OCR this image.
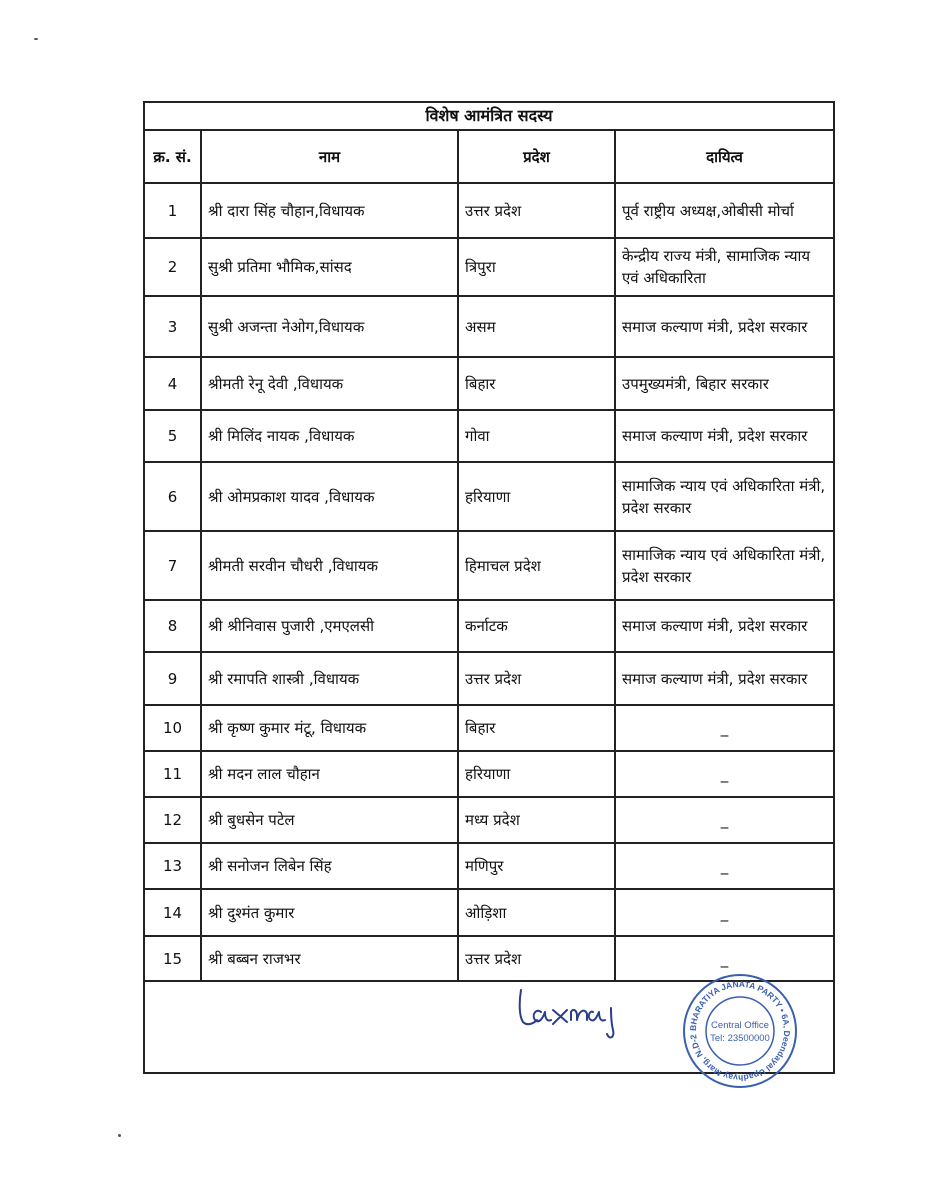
विशेष आमंत्रित सदस्य			
क्र. सं.	नाम	प्रदेश	दायित्व
1	श्री दारा सिंह चौहान,विधायक	उत्तर प्रदेश	पूर्व राष्ट्रीय अध्यक्ष,ओबीसी मोर्चा
2	सुश्री प्रतिमा भौमिक,सांसद	त्रिपुरा	केन्द्रीय राज्य मंत्री, सामाजिक न्याय एवं अधिकारिता
3	सुश्री अजन्ता नेओग,विधायक	असम	समाज कल्याण मंत्री, प्रदेश सरकार
4	श्रीमती रेनू देवी ,विधायक	बिहार	उपमुख्यमंत्री, बिहार सरकार
5	श्री मिलिंद नायक ,विधायक	गोवा	समाज कल्याण मंत्री, प्रदेश सरकार
6	श्री ओमप्रकाश यादव ,विधायक	हरियाणा	सामाजिक न्याय एवं अधिकारिता मंत्री, प्रदेश सरकार
7	श्रीमती सरवीन चौधरी ,विधायक	हिमाचल प्रदेश	सामाजिक न्याय एवं अधिकारिता मंत्री, प्रदेश सरकार
8	श्री श्रीनिवास पुजारी ,एमएलसी	कर्नाटक	समाज कल्याण मंत्री, प्रदेश सरकार
9	श्री रमापति शास्त्री ,विधायक	उत्तर प्रदेश	समाज कल्याण मंत्री, प्रदेश सरकार
10	श्री कृष्ण कुमार मंटू, विधायक	बिहार	_
11	श्री मदन लाल चौहान	हरियाणा	_
12	श्री बुधसेन पटेल	मध्य प्रदेश	_
13	श्री सनोजन लिबेन सिंह	मणिपुर	_
14	श्री दुश्मंत कुमार	ओड़िशा	_
15	श्री बब्बन राजभर	उत्तर प्रदेश	_

BHARATIYA JANATA PARTY • 6A, Deendayal Upadhyay Marg, N.D-2
Central Office
Tel: 23500000			
